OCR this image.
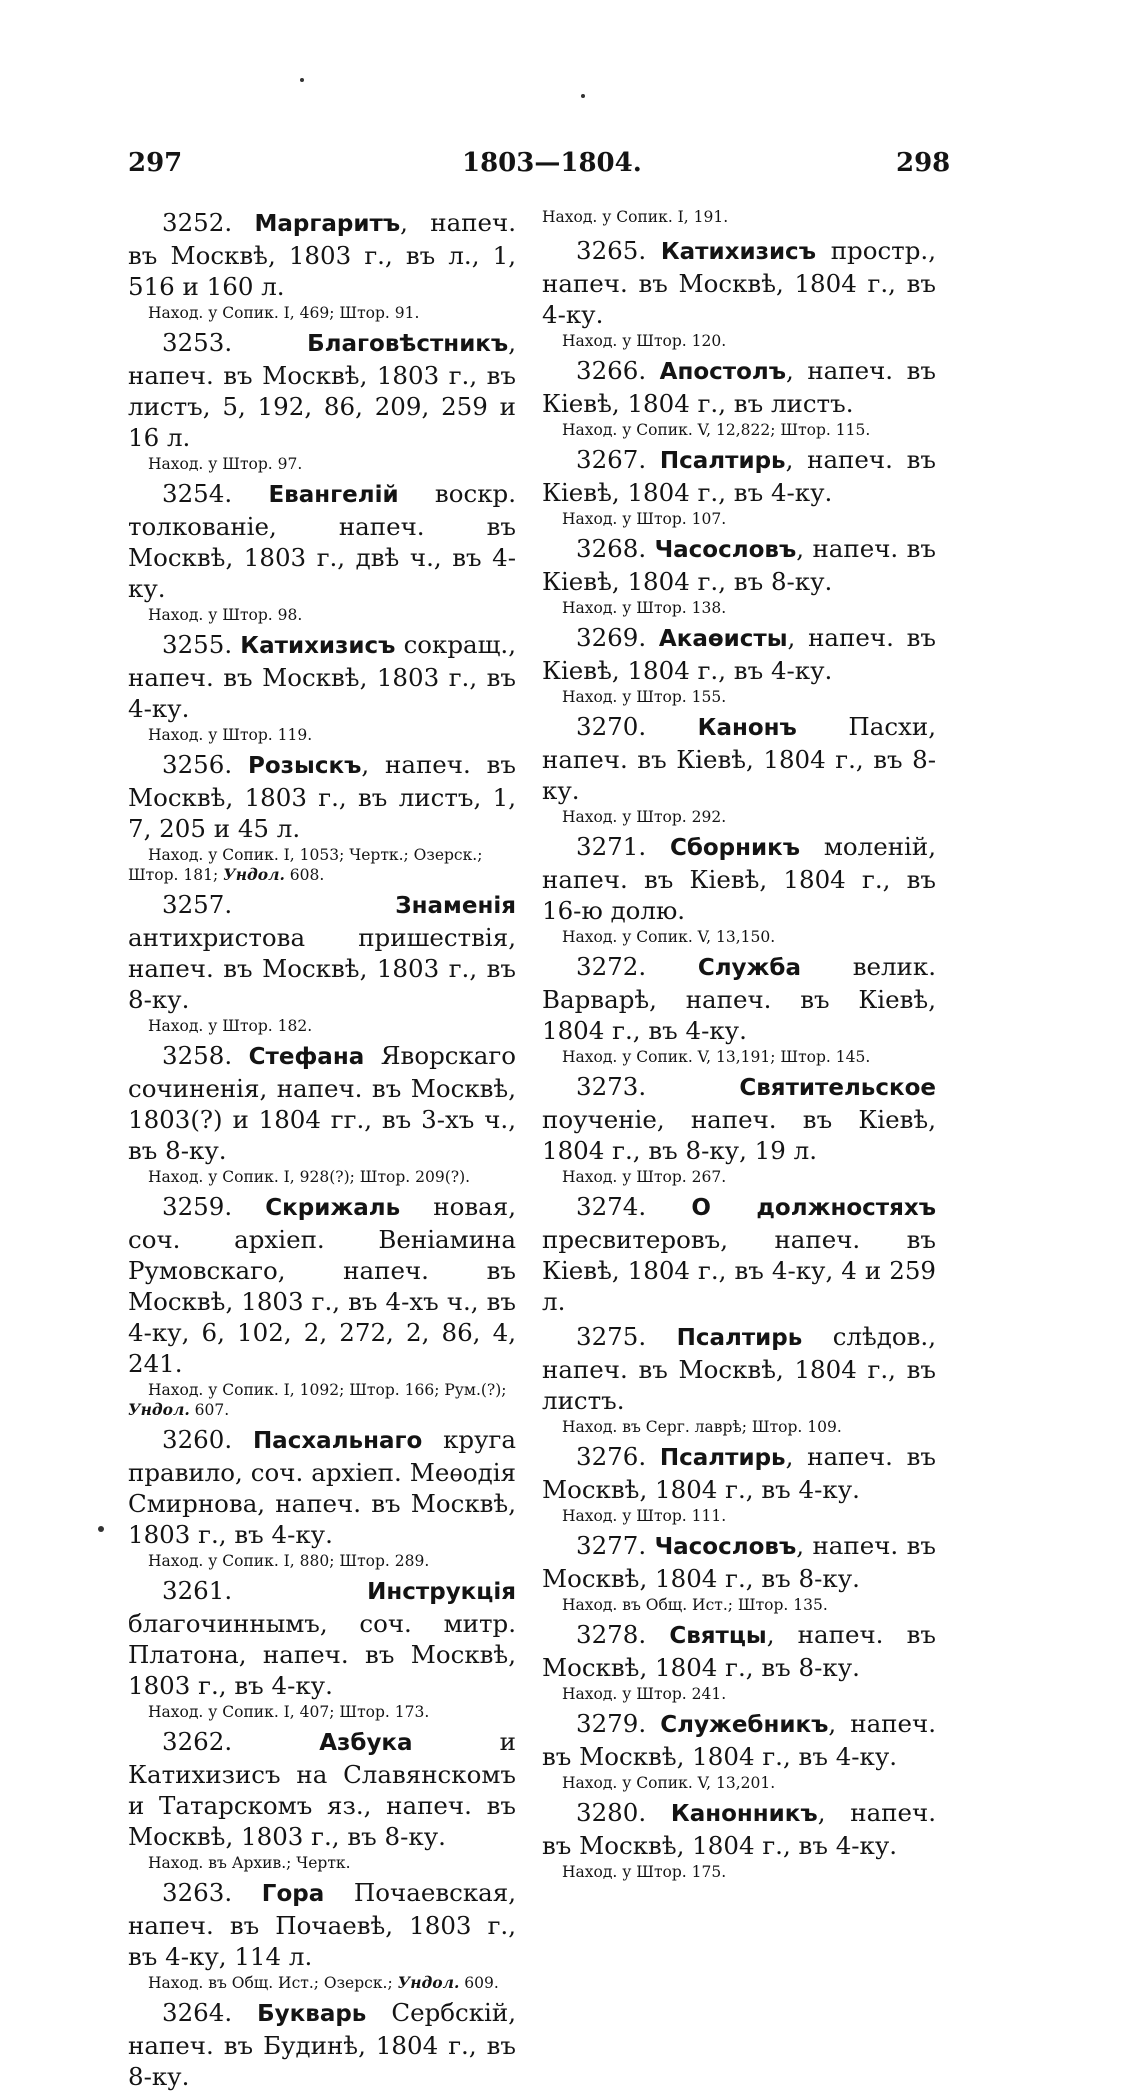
297	1803—1804.	298

3252. Маргаритъ, напеч. въ Москвѣ, 1803 г., въ л., 1, 516 и 160 л.

Наход. у Сопик. I, 469; Штор. 91.

3253.	Благовѣстникъ, напеч. въ Москвѣ, 1803 г., въ листъ, 5, 192, 86, 209, 259 и 16 л.

Наход. у Штор. 97.

3254. Евангелій воскр. толкованіе, напеч. въ Москвѣ, 1803 г., двѣ ч., въ 4-ку.

Наход. у Штор. 98.

3255. Катихизисъ сокращ., напеч. въ Москвѣ, 1803 г., въ 4-ку.

Наход. у Штор. 119.

3256. Розыскъ, напеч. въ Москвѣ, 1803 г., въ листъ, 1, 7, 205 и 45 л.

Наход. у Сопик. I, 1053; Чертк.; Озерск.; Штор. 181; Ундол. 608.

3257.	Знаменія антихристова пришествія, напеч. въ Москвѣ, 1803 г., въ 8-ку.

Наход. у Штор. 182.

3258. Стефана Яворскаго сочиненія, напеч. въ Москвѣ, 1803(?) и 1804 гг., въ 3-хъ ч., въ 8-ку.

Наход. у Сопик. I, 928(?); Штор. 209(?).

3259. Скрижаль новая, соч. архіеп. Веніамина Румовскаго, напеч. въ Москвѣ, 1803 г., въ 4-хъ ч., въ 4-ку, 6, 102, 2, 272, 2, 86, 4, 241.

Наход. у Сопик. I, 1092; Штор. 166; Рум.(?); Ундол. 607.

3260. Пасхальнаго круга правило, соч. архіеп. Меѳодія Смирнова, напеч. въ Москвѣ, 1803 г., въ 4-ку.

Наход. у Сопик. I, 880; Штор. 289.

3261.	Инструкція благочиннымъ, соч. митр. Платона, напеч. въ Москвѣ, 1803 г., въ 4-ку.

Наход. у Сопик. I, 407; Штор. 173.

3262.	Азбука и Катихизисъ на Славянскомъ и Татарскомъ яз., напеч. въ Москвѣ, 1803 г., въ 8-ку.

Наход. въ Архив.; Чертк.

3263. Гора Почаевская, напеч. въ Почаевѣ, 1803 г., въ 4-ку, 114 л.

Наход. въ Общ. Ист.; Озерск.; Ундол. 609.

3264. Букварь Сербскій, напеч. въ Будинѣ, 1804 г., въ 8-ку.

Наход. у Сопик. I, 191.

3265. Катихизисъ простр., напеч. въ Москвѣ, 1804 г., въ 4-ку.

Наход. у Штор. 120.

3266. Апостолъ, напеч. въ Кіевѣ, 1804 г., въ листъ.

Наход. у Сопик. V, 12,822; Штор. 115.

3267. Псалтирь, напеч. въ Кіевѣ, 1804 г., въ 4-ку.

Наход. у Штор. 107.

3268. Часословъ, напеч. въ Кіевѣ, 1804 г., въ 8-ку.

Наход. у Штор. 138.

3269. Акаѳисты, напеч. въ Кіевѣ, 1804 г., въ 4-ку.

Наход. у Штор. 155.

3270. Канонъ Пасхи, напеч. въ Кіевѣ, 1804 г., въ 8-ку.

Наход. у Штор. 292.

3271. Сборникъ моленій, напеч. въ Кіевѣ, 1804 г., въ 16-ю долю.

Наход. у Сопик. V, 13,150.

3272. Служба велик. Варварѣ, напеч. въ Кіевѣ, 1804 г., въ 4-ку.

Наход. у Сопик. V, 13,191; Штор. 145.

3273.	Святительское поученіе, напеч. въ Кіевѣ, 1804 г., въ 8-ку, 19 л.

Наход. у Штор. 267.

3274. О должностяхъ пресвитеровъ, напеч. въ Кіевѣ, 1804 г., въ 4-ку, 4 и 259 л.

3275. Псалтирь слѣдов., напеч. въ Москвѣ, 1804 г., въ листъ.

Наход. въ Серг. лаврѣ; Штор. 109.

3276. Псалтирь, напеч. въ Москвѣ, 1804 г., въ 4-ку.

Наход. у Штор. 111.

3277. Часословъ, напеч. въ Москвѣ, 1804 г., въ 8-ку.

Наход. въ Общ. Ист.; Штор. 135.

3278. Святцы, напеч. въ Москвѣ, 1804 г., въ 8-ку.

Наход. у Штор. 241.

3279. Служебникъ, напеч. въ Москвѣ, 1804 г., въ 4-ку.

Наход. у Сопик. V, 13,201.

3280. Канонникъ, напеч. въ Москвѣ, 1804 г., въ 4-ку.

Наход. у Штор. 175.
